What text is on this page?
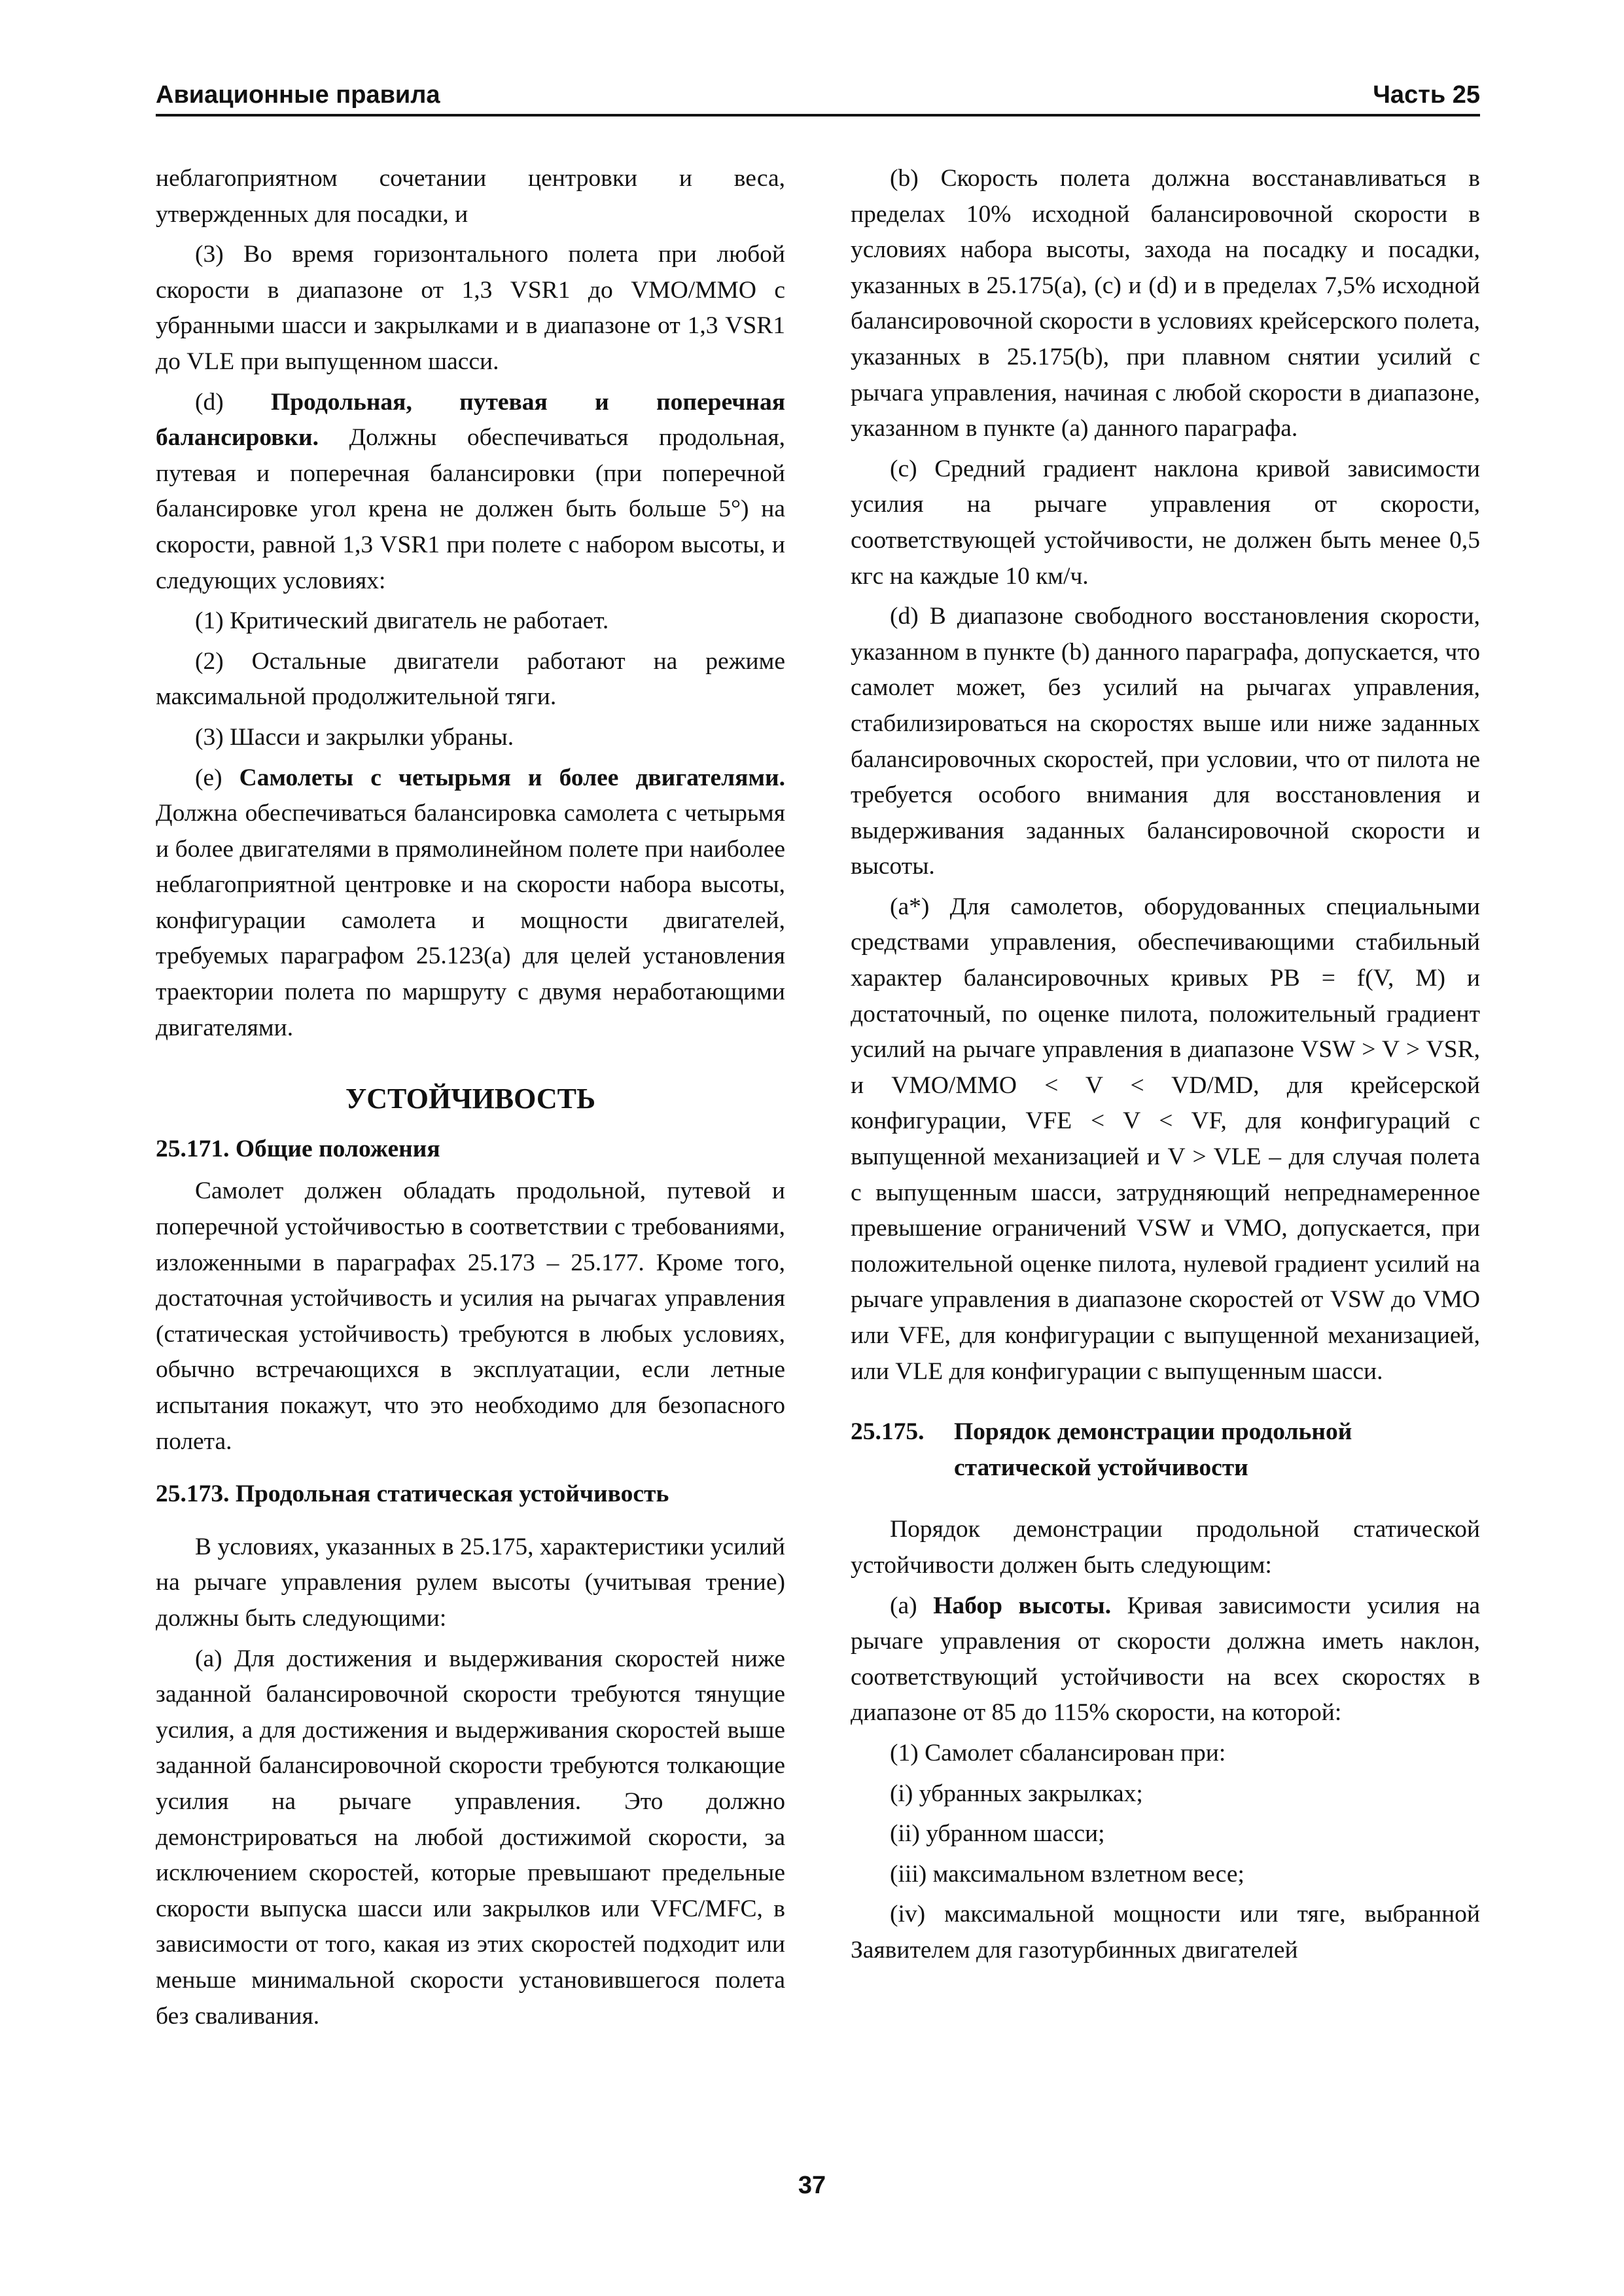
Авиационные правила	Часть 25

неблагоприятном сочетании центровки и веса, утвержденных для посадки, и

(3) Во время горизонтального полета при любой скорости в диапазоне от 1,3 VSR1 до VMO/MMO с убранными шасси и закрылками и в диапазоне от 1,3 VSR1 до VLE при выпущенном шасси.

(d) Продольная, путевая и поперечная балансировки. Должны обеспечиваться продольная, путевая и поперечная балансировки (при поперечной балансировке угол крена не должен быть больше 5°) на скорости, равной 1,3 VSR1 при полете с набором высоты, и следующих условиях:

(1) Критический двигатель не работает.

(2) Остальные двигатели работают на режиме максимальной продолжительной тяги.

(3) Шасси и закрылки убраны.

(e) Самолеты с четырьмя и более двигателями. Должна обеспечиваться балансировка самолета с четырьмя и более двигателями в прямолинейном полете при наиболее неблагоприятной центровке и на скорости набора высоты, конфигурации самолета и мощности двигателей, требуемых параграфом 25.123(a) для целей установления траектории полета по маршруту с двумя неработающими двигателями.

УСТОЙЧИВОСТЬ
25.171. Общие положения

Самолет должен обладать продольной, путевой и поперечной устойчивостью в соответствии с требованиями, изложенными в параграфах 25.173 – 25.177. Кроме того, достаточная устойчивость и усилия на рычагах управления (статическая устойчивость) требуются в любых условиях, обычно встречающихся в эксплуатации, если летные испытания покажут, что это необходимо для безопасного полета.

25.173. Продольная статическая устойчивость

В условиях, указанных в 25.175, характеристики усилий на рычаге управления рулем высоты (учитывая трение) должны быть следующими:

(a) Для достижения и выдерживания скоростей ниже заданной балансировочной скорости требуются тянущие усилия, а для достижения и выдерживания скоростей выше заданной балансировочной скорости требуются толкающие усилия на рычаге управления. Это должно демонстрироваться на любой достижимой скорости, за исключением скоростей, которые превышают предельные скорости выпуска шасси или закрылков или VFC/MFC, в зависимости от того, какая из этих скоростей подходит или меньше минимальной скорости установившегося полета без сваливания.

(b) Скорость полета должна восстанавливаться в пределах 10% исходной балансировочной скорости в условиях набора высоты, захода на посадку и посадки, указанных в 25.175(a), (c) и (d) и в пределах 7,5% исходной балансировочной скорости в условиях крейсерского полета, указанных в 25.175(b), при плавном снятии усилий с рычага управления, начиная с любой скорости в диапазоне, указанном в пункте (a) данного параграфа.

(c) Средний градиент наклона кривой зависимости усилия на рычаге управления от скорости, соответствующей устойчивости, не должен быть менее 0,5 кгс на каждые 10 км/ч.

(d) В диапазоне свободного восстановления скорости, указанном в пункте (b) данного параграфа, допускается, что самолет может, без усилий на рычагах управления, стабилизироваться на скоростях выше или ниже заданных балансировочных скоростей, при условии, что от пилота не требуется особого внимания для восстановления и выдерживания заданных балансировочной скорости и высоты.

(a*) Для самолетов, оборудованных специальными средствами управления, обеспечивающими стабильный характер балансировочных кривых PB = f(V, M) и достаточный, по оценке пилота, положительный градиент усилий на рычаге управления в диапазоне VSW > V > VSR, и VMO/MMO < V < VD/MD, для крейсерской конфигурации, VFE < V < VF, для конфигураций с выпущенной механизацией и V > VLE – для случая полета с выпущенным шасси, затрудняющий непреднамеренное превышение ограничений VSW и VMO, допускается, при положительной оценке пилота, нулевой градиент усилий на рычаге управления в диапазоне скоростей от VSW до VMO или VFE, для конфигурации с выпущенной механизацией, или VLE для конфигурации с выпущенным шасси.

25.175.	Порядок демонстрации продольной
статической устойчивости

Порядок демонстрации продольной статической устойчивости должен быть следующим:

(a) Набор высоты. Кривая зависимости усилия на рычаге управления от скорости должна иметь наклон, соответствующий устойчивости на всех скоростях в диапазоне от 85 до 115% скорости, на которой:

(1) Самолет сбалансирован при:

(i) убранных закрылках;

(ii) убранном шасси;

(iii) максимальном взлетном весе;

(iv) максимальной мощности или тяге, выбранной Заявителем для газотурбинных двигателей

37
